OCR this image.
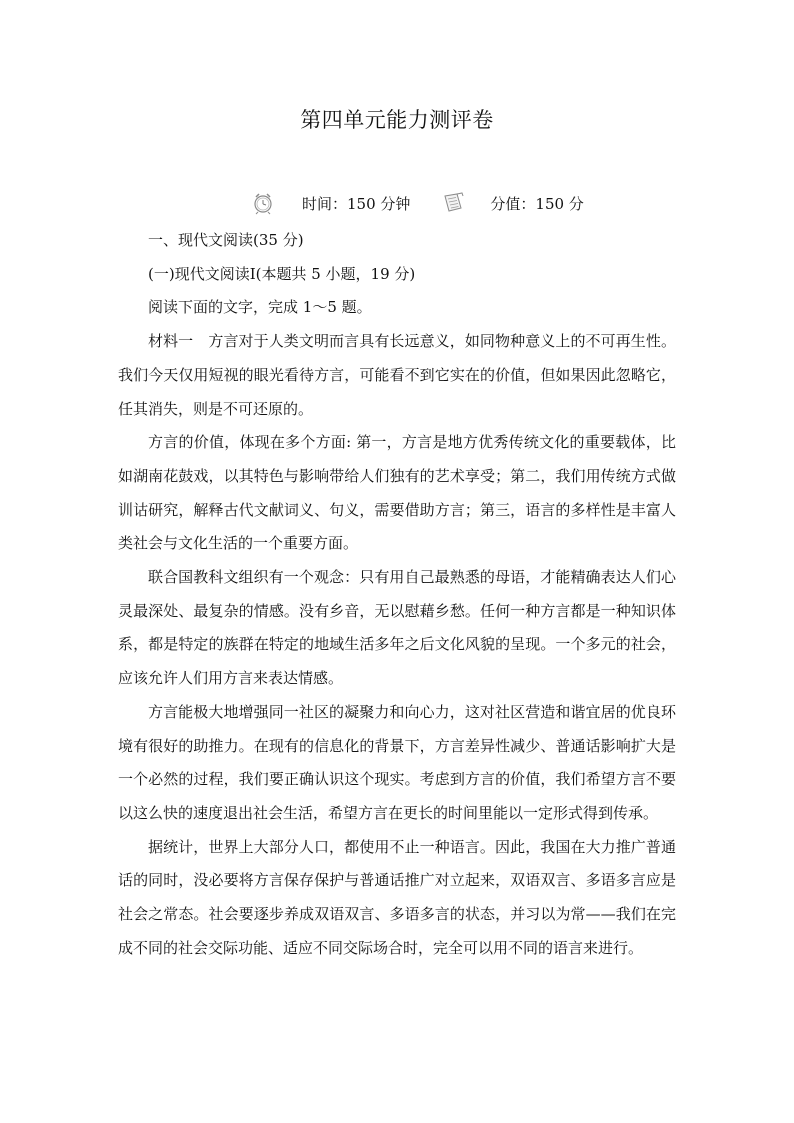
第四单元能力测评卷
时间：150 分钟	分值：150 分

一、现代文阅读(35 分)

(一)现代文阅读Ⅰ(本题共 5 小题，19 分)

阅读下面的文字，完成 1～5 题。

材料一　方言对于人类文明而言具有长远意义，如同物种意义上的不可再生性。我们今天仅用短视的眼光看待方言，可能看不到它实在的价值，但如果因此忽略它，任其消失，则是不可还原的。

方言的价值，体现在多个方面: 第一，方言是地方优秀传统文化的重要载体，比如湖南花鼓戏，以其特色与影响带给人们独有的艺术享受；第二，我们用传统方式做训诂研究，解释古代文献词义、句义，需要借助方言；第三，语言的多样性是丰富人类社会与文化生活的一个重要方面。

联合国教科文组织有一个观念：只有用自己最熟悉的母语，才能精确表达人们心灵最深处、最复杂的情感。没有乡音，无以慰藉乡愁。任何一种方言都是一种知识体系，都是特定的族群在特定的地域生活多年之后文化风貌的呈现。一个多元的社会，应该允许人们用方言来表达情感。

方言能极大地增强同一社区的凝聚力和向心力，这对社区营造和谐宜居的优良环境有很好的助推力。在现有的信息化的背景下，方言差异性减少、普通话影响扩大是一个必然的过程，我们要正确认识这个现实。考虑到方言的价值，我们希望方言不要以这么快的速度退出社会生活，希望方言在更长的时间里能以一定形式得到传承。

据统计，世界上大部分人口，都使用不止一种语言。因此，我国在大力推广普通话的同时，没必要将方言保存保护与普通话推广对立起来，双语双言、多语多言应是社会之常态。社会要逐步养成双语双言、多语多言的状态，并习以为常——我们在完成不同的社会交际功能、适应不同交际场合时，完全可以用不同的语言来进行。
